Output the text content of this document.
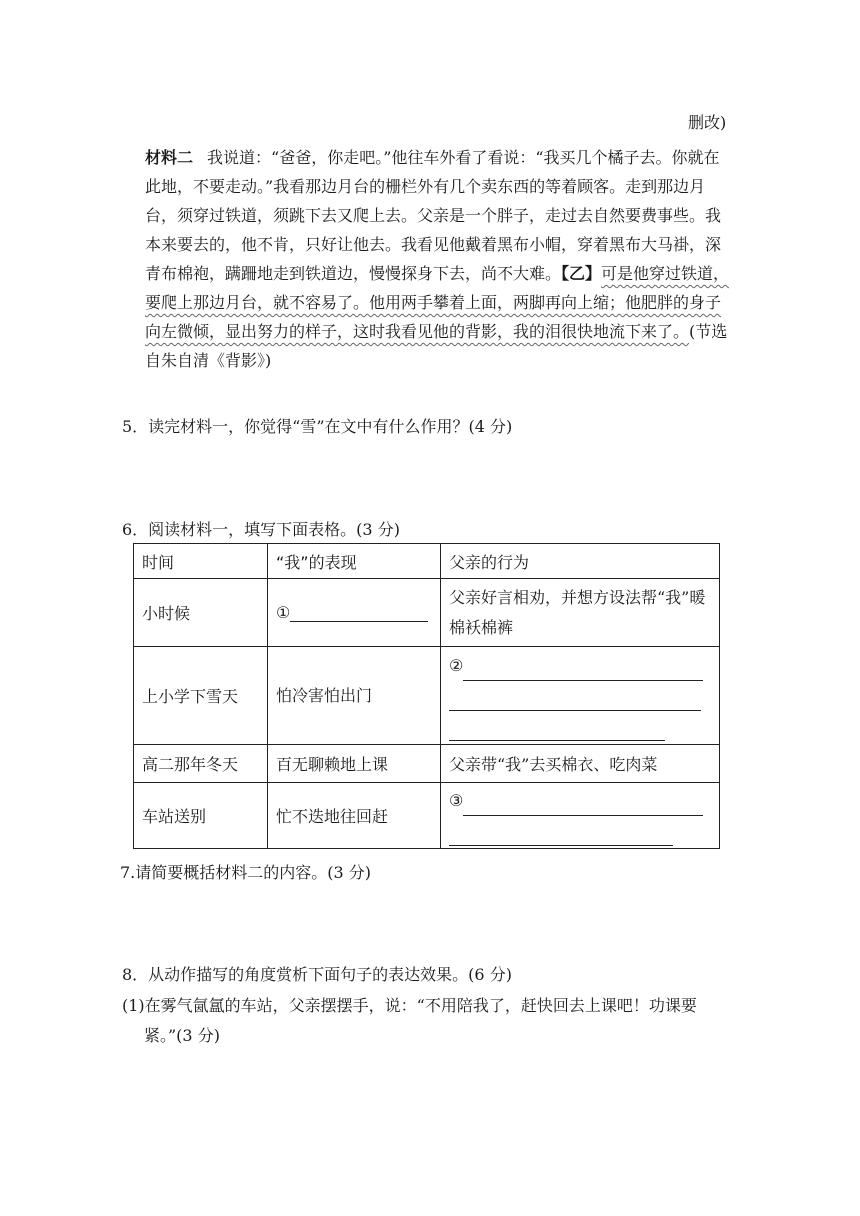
删改)

材料二 我说道：“爸爸，你走吧。”他往车外看了看说：“我买几个橘子去。你就在此地，不要走动。”我看那边月台的栅栏外有几个卖东西的等着顾客。走到那边月台，须穿过铁道，须跳下去又爬上去。父亲是一个胖子，走过去自然要费事些。我本来要去的，他不肯，只好让他去。我看见他戴着黑布小帽，穿着黑布大马褂，深青布棉袍，蹒跚地走到铁道边，慢慢探身下去，尚不大难。【乙】可是他穿过铁道，要爬上那边月台，就不容易了。他用两手攀着上面，两脚再向上缩；他肥胖的身子向左微倾，显出努力的样子，这时我看见他的背影，我的泪很快地流下来了。(节选自朱自清《背影》)

5．读完材料一，你觉得“雪”在文中有什么作用？(4 分)
6．阅读材料一，填写下面表格。(3 分)
时间	“我”的表现	父亲的行为
小时候	①	父亲好言相劝，并想方设法帮“我”暖棉袄棉裤
上小学下雪天	怕冷害怕出门	②

高二那年冬天	百无聊赖地上课	父亲带“我”去买棉衣、吃肉菜
车站送别	忙不迭地往回赶	③
7.请简要概括材料二的内容。(3 分)
8．从动作描写的角度赏析下面句子的表达效果。(6 分)
(1)在雾气氤氲的车站，父亲摆摆手，说：“不用陪我了，赶快回去上课吧！功课要紧。”(3 分)
